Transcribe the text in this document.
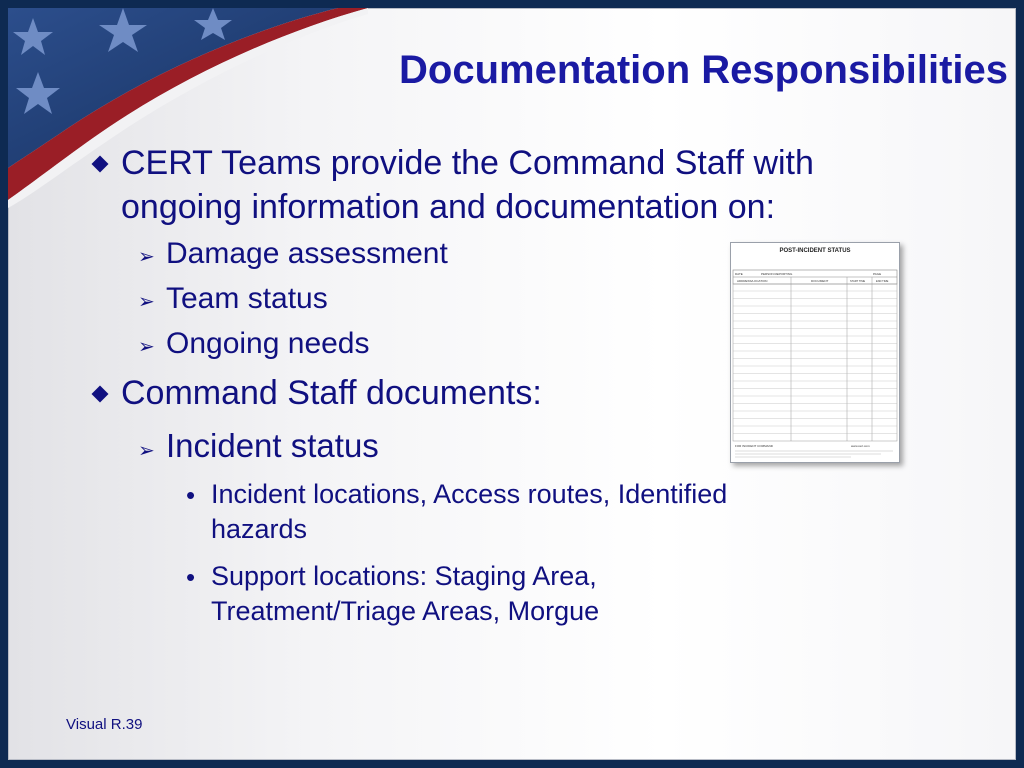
Documentation Responsibilities
CERT Teams provide the Command Staff with
ongoing information and documentation on:
➢ Damage assessment
➢ Team status
➢ Ongoing needs
Command Staff documents:
➢ Incident status
• Incident locations, Access routes, Identified
hazards
• Support locations: Staging Area,
Treatment/Triage Areas, Morgue
POST-INCIDENT STATUS
DATE	PERSON REPORTING	PAGE
ADDRESS/LOCATION	DOCUMENT	START TIME	END TIME
FOR INCIDENT COMMAND	www.cert.com
Visual R.39
